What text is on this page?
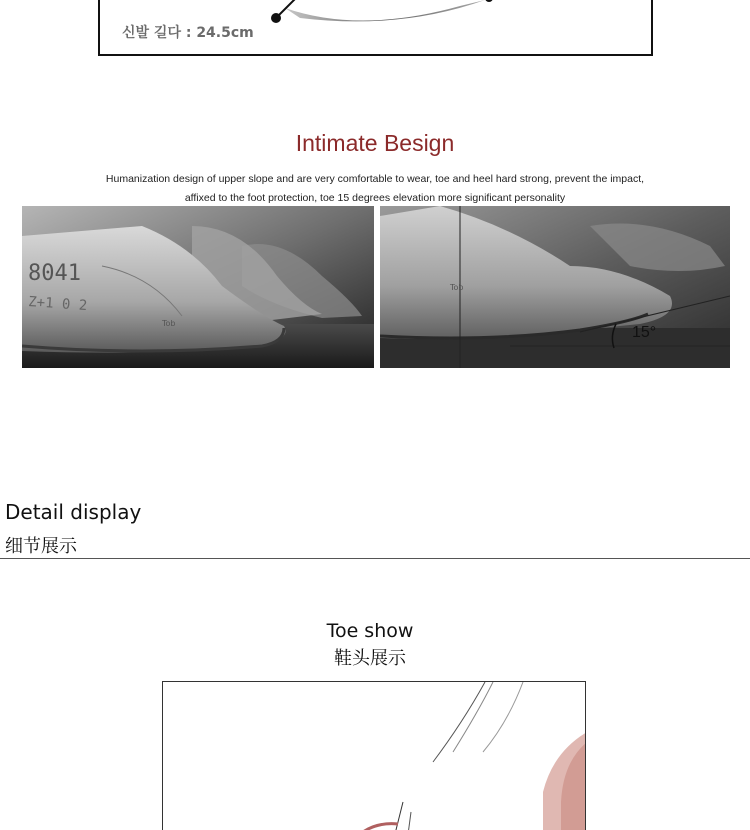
신발 길다 : 24.5cm
Intimate Besign
Humanization design of upper slope and are very comfortable to wear, toe and heel hard strong, prevent the impact,
affixed to the foot protection, toe 15 degrees elevation more significant personality
8041
Z+1 0 2
Tob
15°
Tob
Detail display
细节展示
Toe show
鞋头展示
